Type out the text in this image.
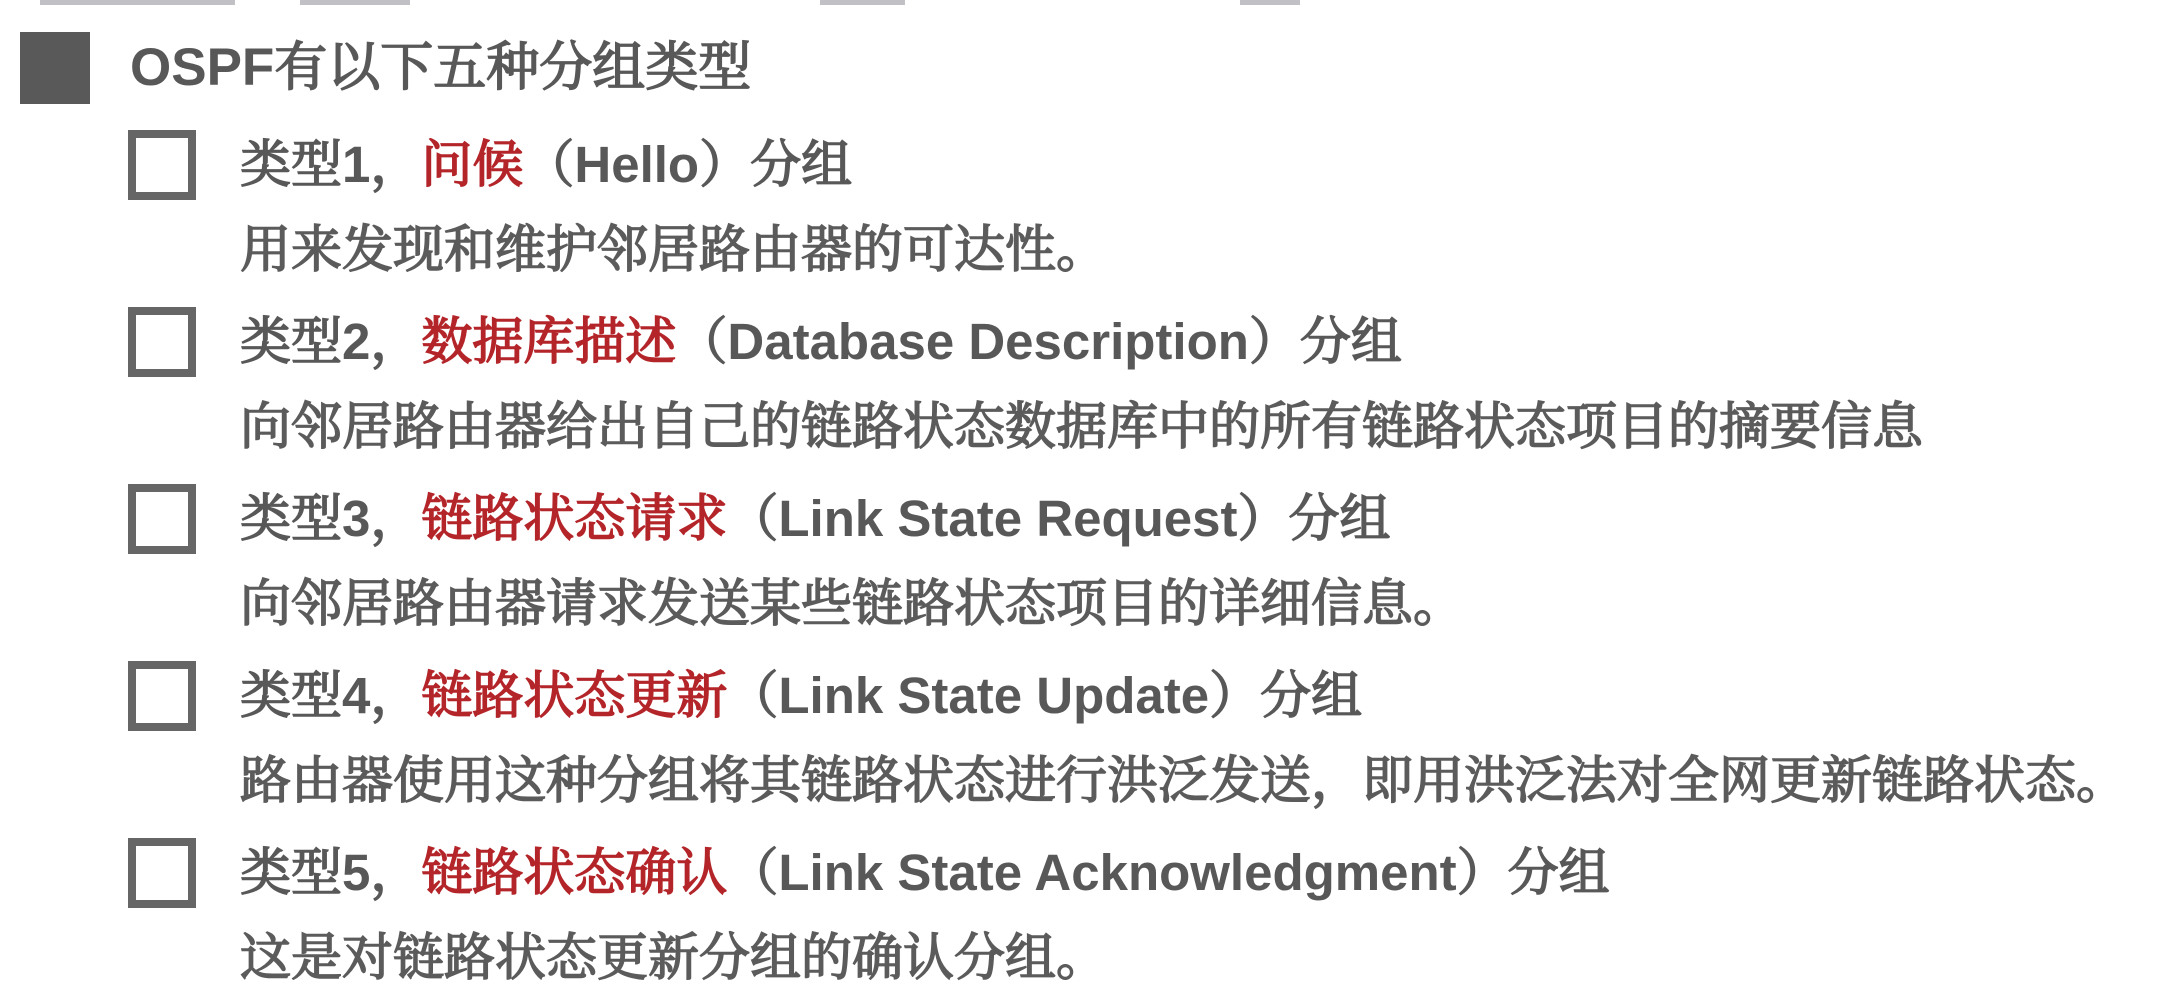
OSPF有以下五种分组类型
类型1，问候（Hello）分组
用来发现和维护邻居路由器的可达性。
类型2，数据库描述（Database Description）分组
向邻居路由器给出自己的链路状态数据库中的所有链路状态项目的摘要信息
类型3，链路状态请求（Link State Request）分组
向邻居路由器请求发送某些链路状态项目的详细信息。
类型4，链路状态更新（Link State Update）分组
路由器使用这种分组将其链路状态进行洪泛发送，即用洪泛法对全网更新链路状态。
类型5，链路状态确认（Link State Acknowledgment）分组
这是对链路状态更新分组的确认分组。
